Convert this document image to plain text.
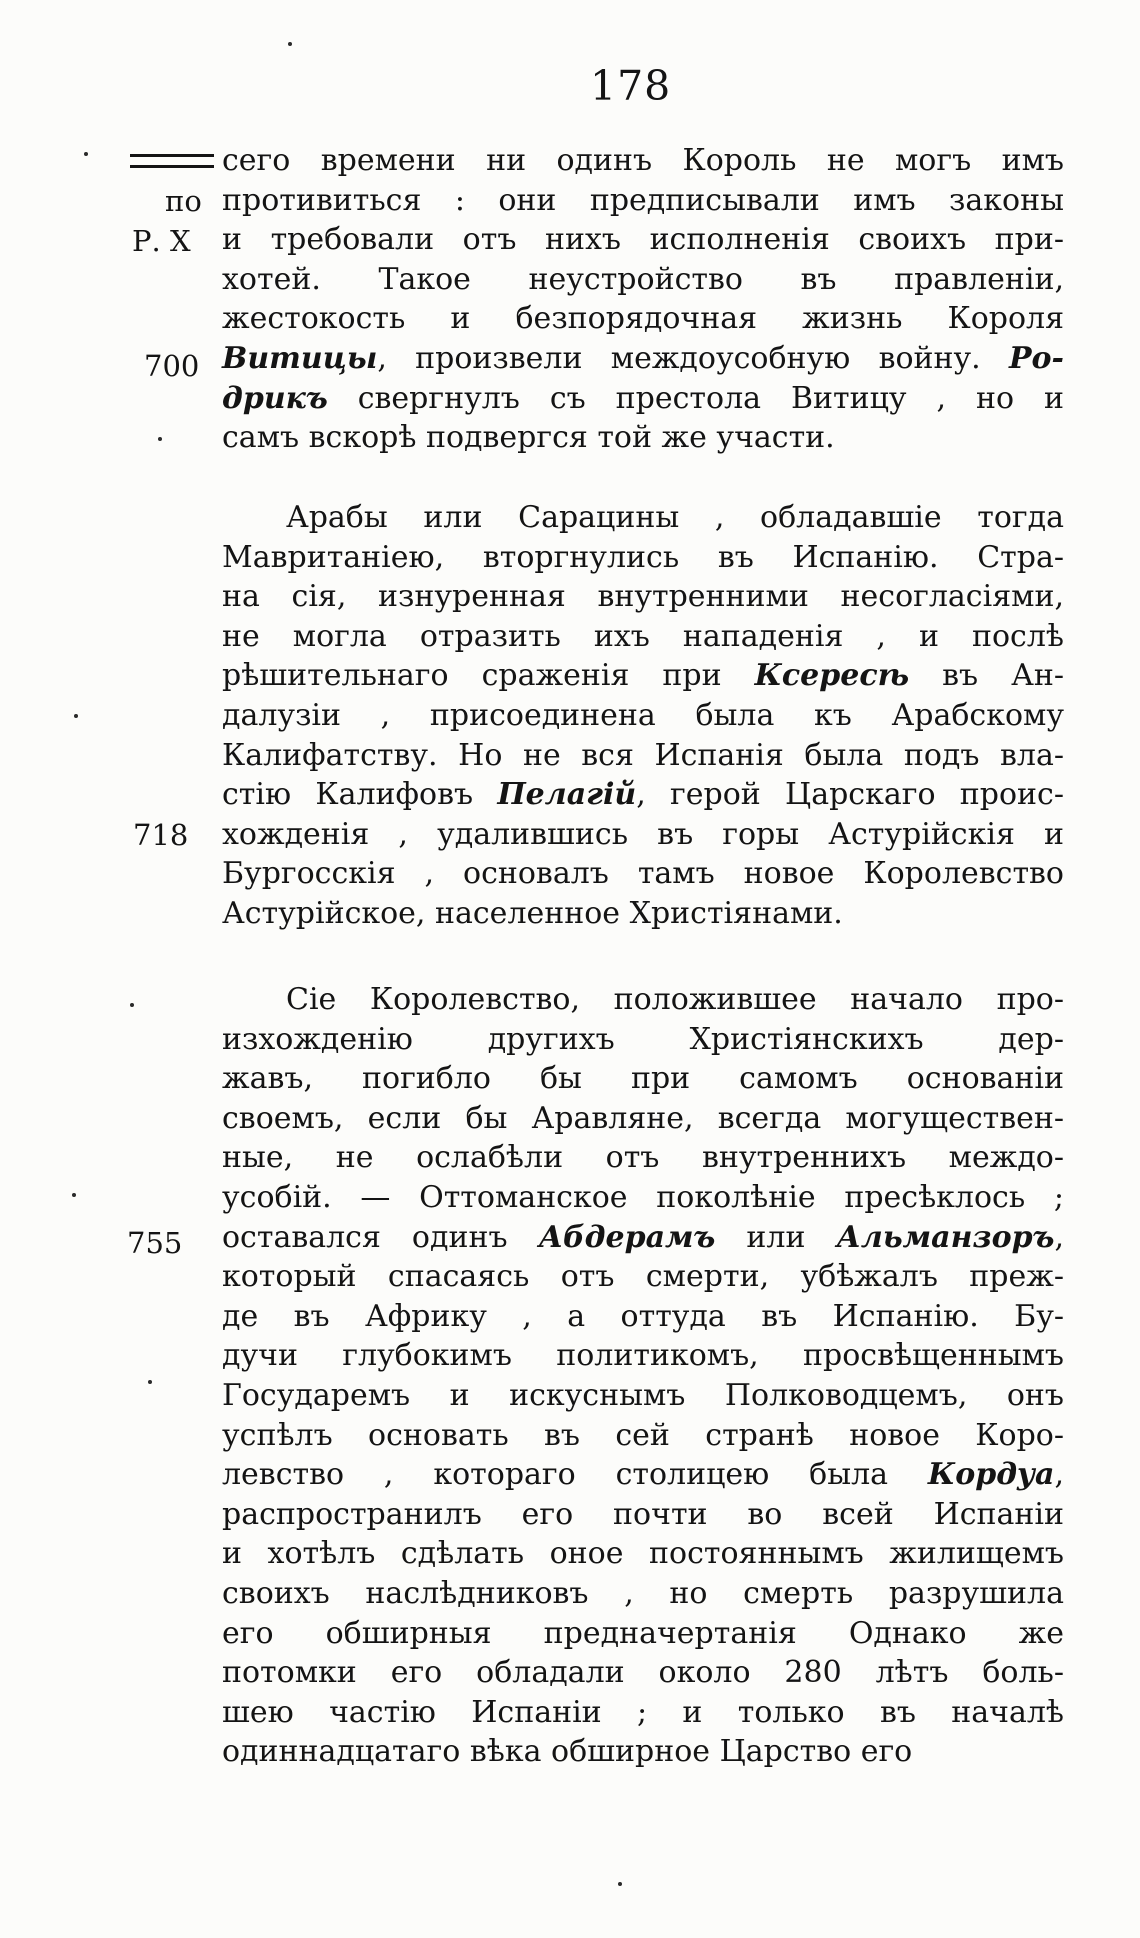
178
по
Р. Х
700
718
755
сего времени ни одинъ Король не могъ имъ
противиться : они предписывали имъ законы
и требовали отъ нихъ исполненія своихъ при-
хотей. Такое неустройство въ правленіи,
жестокость и безпорядочная жизнь Короля
Витицы, произвели междоусобную войну. Ро-
дрикъ свергнулъ съ престола Витицу , но и
самъ вскорѣ подвергся той же участи.
Арабы или Сарацины , обладавшіе тогда
Мавританіею, вторгнулись въ Испанію. Стра-
на сія, изнуренная внутренними несогласіями,
не могла отразить ихъ нападенія , и послѣ
рѣшительнаго сраженія при Ксересѣ въ Ан-
далузіи , присоединена была къ Арабскому
Калифатству. Но не вся Испанія была подъ вла-
стію Калифовъ Пелагій, герой Царскаго проис-
хожденія , удалившись въ горы Астурійскія и
Бургосскія , основалъ тамъ новое Королевство
Астурійское, населенное Христіянами.
Сіе Королевство, положившее начало про-
изхожденію другихъ Христіянскихъ дер-
жавъ, погибло бы при самомъ основаніи
своемъ, если бы Аравляне, всегда могуществен-
ные, не ослабѣли отъ внутреннихъ междо-
усобій. — Оттоманское поколѣніе пресѣклось ;
оставался одинъ Абдерамъ или Альманзоръ,
который спасаясь отъ смерти, убѣжалъ преж-
де въ Африку , а оттуда въ Испанію. Бу-
дучи глубокимъ политикомъ, просвѣщеннымъ
Государемъ и искуснымъ Полководцемъ, онъ
успѣлъ основать въ сей странѣ новое Коро-
левство , котораго столицею была Кордуа,
распространилъ его почти во всей Испаніи
и хотѣлъ сдѣлать оное постояннымъ жилищемъ
своихъ наслѣдниковъ , но смерть разрушила
его обширныя предначертанія Однако же
потомки его обладали около 280 лѣтъ боль-
шею частію Испаніи ; и только въ началѣ
одиннадцатаго вѣка обширное Царство его
